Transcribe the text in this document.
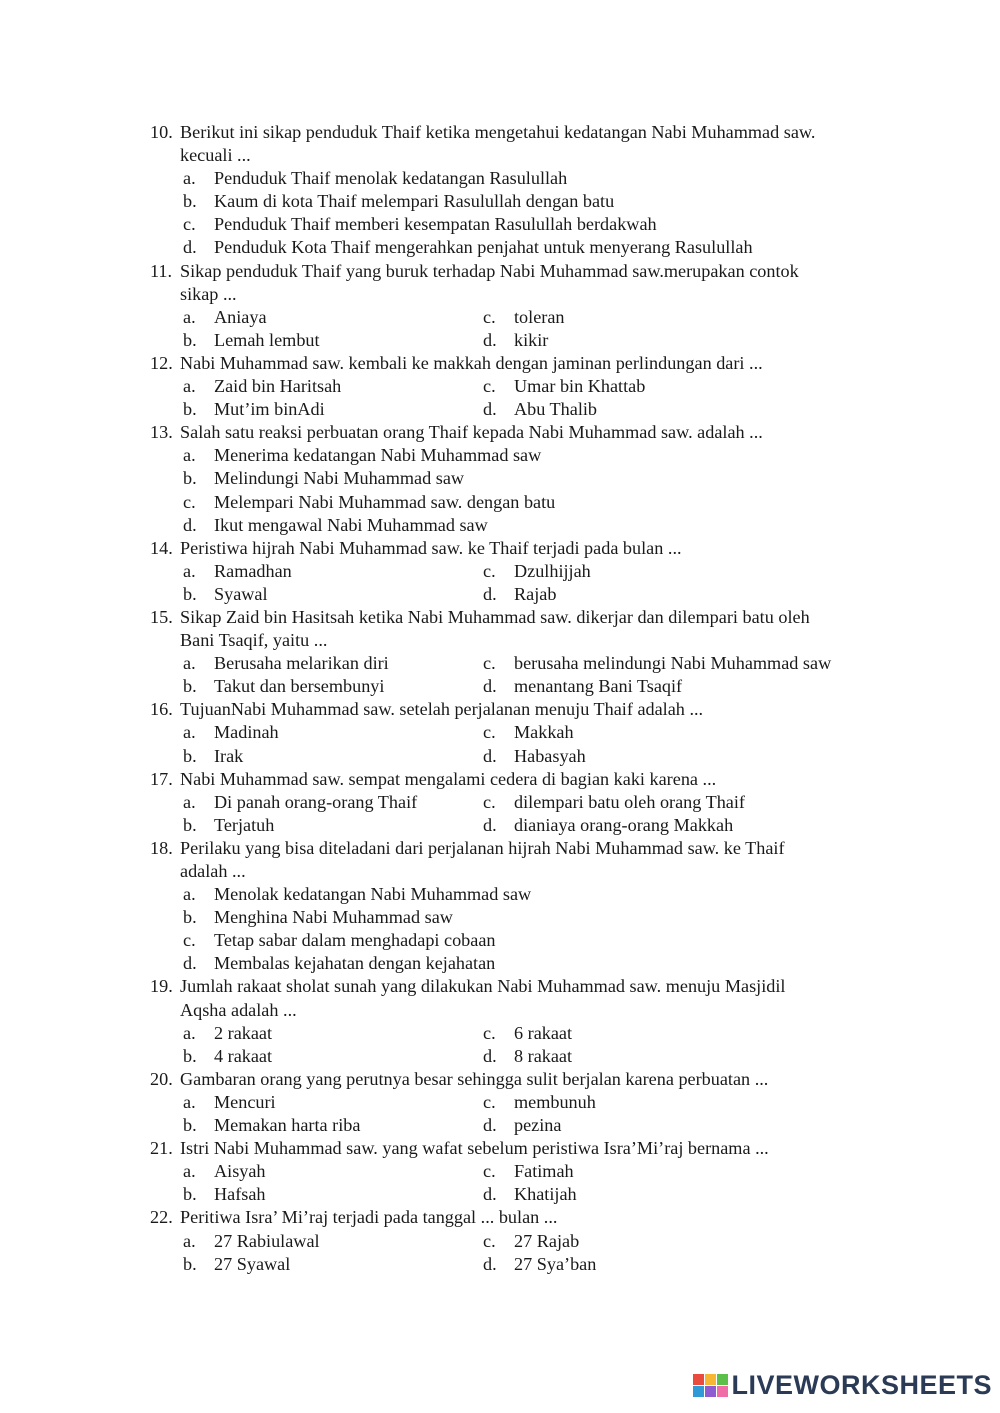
10. Berikut ini sikap penduduk Thaif ketika mengetahui kedatangan Nabi Muhammad saw.
kecuali ...
a.	Penduduk Thaif menolak kedatangan Rasulullah
b. Kaum di kota Thaif melempari Rasulullah dengan batu
c.	Penduduk Thaif memberi kesempatan Rasulullah berdakwah
d. Penduduk Kota Thaif mengerahkan penjahat untuk menyerang Rasulullah
11. Sikap penduduk Thaif yang buruk terhadap Nabi Muhammad saw.merupakan contok
sikap ...
a.	Aniaya	c.	toleran
b. Lemah lembut	d. kikir
12. Nabi Muhammad saw. kembali ke makkah dengan jaminan perlindungan dari ...
a.	Zaid bin Haritsah	c.	Umar bin Khattab
b. Mut’im binAdi	d. Abu Thalib
13. Salah satu reaksi perbuatan orang Thaif kepada Nabi Muhammad saw. adalah ...
a.	Menerima kedatangan Nabi Muhammad saw
b. Melindungi Nabi Muhammad saw
c.	Melempari Nabi Muhammad saw. dengan batu
d. Ikut mengawal Nabi Muhammad saw
14. Peristiwa hijrah Nabi Muhammad saw. ke Thaif terjadi pada bulan ...
a.	Ramadhan	c.	Dzulhijjah
b. Syawal	d. Rajab
15. Sikap Zaid bin Hasitsah ketika Nabi Muhammad saw. dikerjar dan dilempari batu oleh
Bani Tsaqif, yaitu ...
a.	Berusaha melarikan diri	c.	berusaha melindungi Nabi Muhammad saw
b. Takut dan bersembunyi	d. menantang Bani Tsaqif
16. TujuanNabi Muhammad saw. setelah perjalanan menuju Thaif adalah ...
a.	Madinah	c.	Makkah
b. Irak	d. Habasyah
17. Nabi Muhammad saw. sempat mengalami cedera di bagian kaki karena ...
a.	Di panah orang-orang Thaif	c.	dilempari batu oleh orang Thaif
b. Terjatuh	d. dianiaya orang-orang Makkah
18. Perilaku yang bisa diteladani dari perjalanan hijrah Nabi Muhammad saw. ke Thaif
adalah ...
a.	Menolak kedatangan Nabi Muhammad saw
b. Menghina Nabi Muhammad saw
c.	Tetap sabar dalam menghadapi cobaan
d. Membalas kejahatan dengan kejahatan
19. Jumlah rakaat sholat sunah yang dilakukan Nabi Muhammad saw. menuju Masjidil
Aqsha adalah ...
a.	2 rakaat	c.	6 rakaat
b. 4 rakaat	d. 8 rakaat
20. Gambaran orang yang perutnya besar sehingga sulit berjalan karena perbuatan ...
a.	Mencuri	c.	membunuh
b. Memakan harta riba	d. pezina
21. Istri Nabi Muhammad saw. yang wafat sebelum peristiwa Isra’Mi’raj bernama ...
a.	Aisyah	c.	Fatimah
b. Hafsah	d. Khatijah
22. Peritiwa Isra’ Mi’raj terjadi pada tanggal ... bulan ...
a.	27 Rabiulawal	c.	27 Rajab
b. 27 Syawal	d. 27 Sya’ban
LIVEWORKSHEETS
